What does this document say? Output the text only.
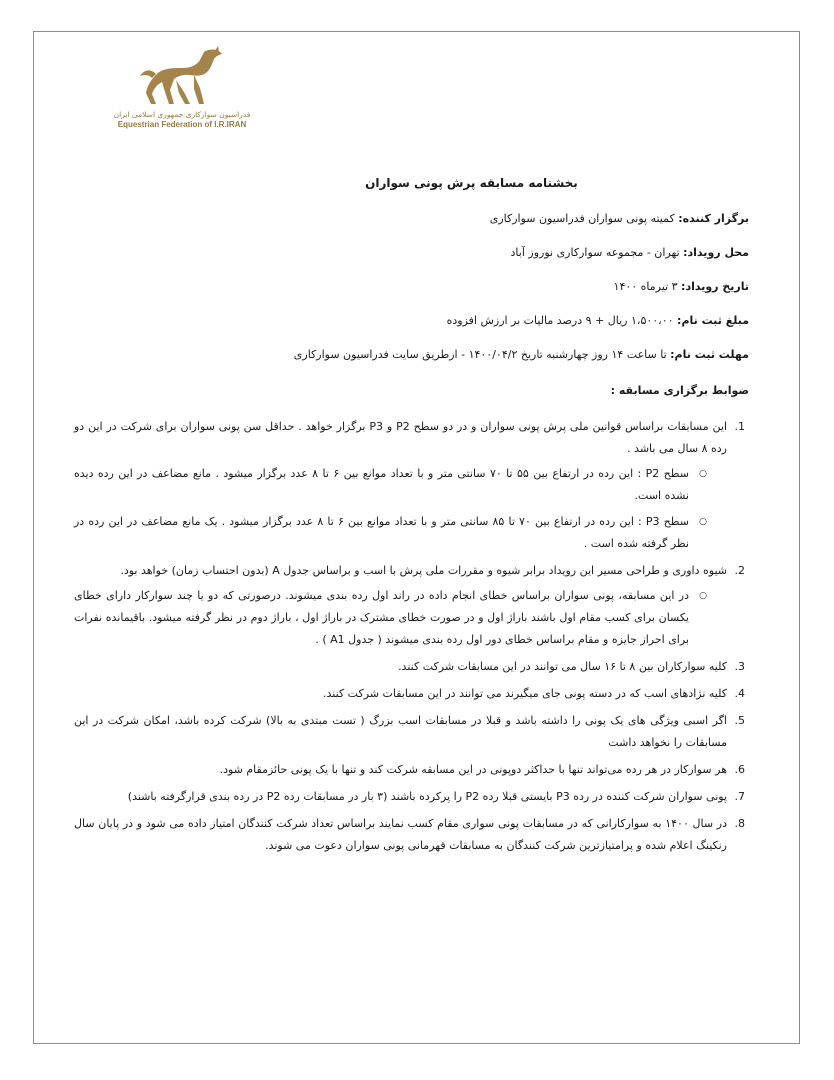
فدراسیون سوارکاری جمهوری اسلامی ایران
Equestrian Federation of I.R.IRAN
بخشنامه مسابقه پرش پونی سواران
برگزار کننده: کمیته پونی سواران فدراسیون سوارکاری
محل رویداد: تهران - مجموعه سوارکاری نوروز آباد
تاریخ رویداد: ۳ تیرماه ۱۴۰۰
مبلغ ثبت نام: ۱،۵۰۰،۰۰ ریال + ۹ درصد مالیات بر ارزش افزوده
مهلت ثبت نام: تا ساعت ۱۴ روز چهارشنبه تاریخ ۱۴۰۰/۰۴/۲ - ازطریق سایت فدراسیون سوارکاری
ضوابط برگزاری مسابقه :
1. این مسابقات براساس قوانین ملی پرش پونی سواران و در دو سطح P2 و P3 برگزار خواهد . حداقل سن پونی سواران برای شرکت در این دو رده ۸ سال می باشد .
○ سطح P2 : این رده در ارتفاع بین ۵۵ تا ۷۰ سانتی متر و با تعداد موانع بین ۶ تا ۸ عدد برگزار میشود . مانع مضاعف در این رده دیده نشده است.
○ سطح P3 : این رده در ارتفاع بین ۷۰ تا ۸۵ سانتی متر و با تعداد موانع بین ۶ تا ۸ عدد برگزار میشود . یک مانع مضاعف در این رده در نظر گرفته شده است .
2. شیوه داوری و طراحی مسیر این رویداد برابر شیوه و مقررات ملی پرش با اسب و براساس جدول A (بدون احتساب زمان) خواهد بود.
○ در این مسابقه، پونی سواران براساس خطای انجام داده در راند اول رده بندی میشوند. درصورتی که دو یا چند سوارکار دارای خطای یکسان برای کسب مقام اول باشند باراژ اول و در صورت خطای مشترک در باراژ اول ، باراژ دوم در نظر گرفته میشود. باقیمانده نفرات برای احراز جایزه و مقام براساس خطای دور اول رده بندی میشوند ( جدول A1 ) .
3. کلیه سوارکاران بین ۸ تا ۱۶ سال می توانند در این مسابقات شرکت کنند.
4. کلیه نژادهای اسب که در دسته پونی جای میگیرند می توانند در این مسابقات شرکت کنند.
5. اگر اسبی ویژگی های یک پونی را داشته باشد و قبلا در مسابقات اسب بزرگ ( تست مبتدی به بالا) شرکت کرده باشد، امکان شرکت در این مسابقات را نخواهد داشت
6. هر سوارکار در هر رده می‌تواند تنها با حداکثر دوپونی در این مسابقه شرکت کند و تنها با یک پونی حائزمقام شود.
7. پونی سواران شرکت کننده در رده P3 بایستی قبلا رده P2 را پرکرده باشند (۳ بار در مسابقات رده P2 در رده بندی قرارگرفته باشند)
8. در سال ۱۴۰۰ به سوارکارانی که در مسابقات پونی سواری مقام کسب نمایند براساس تعداد شرکت کنندگان امتیاز داده می شود و در پایان سال رنکینگ اعلام شده و پرامتیازترین شرکت کنندگان به مسابقات قهرمانی پونی سواران دعوت می شوند.
